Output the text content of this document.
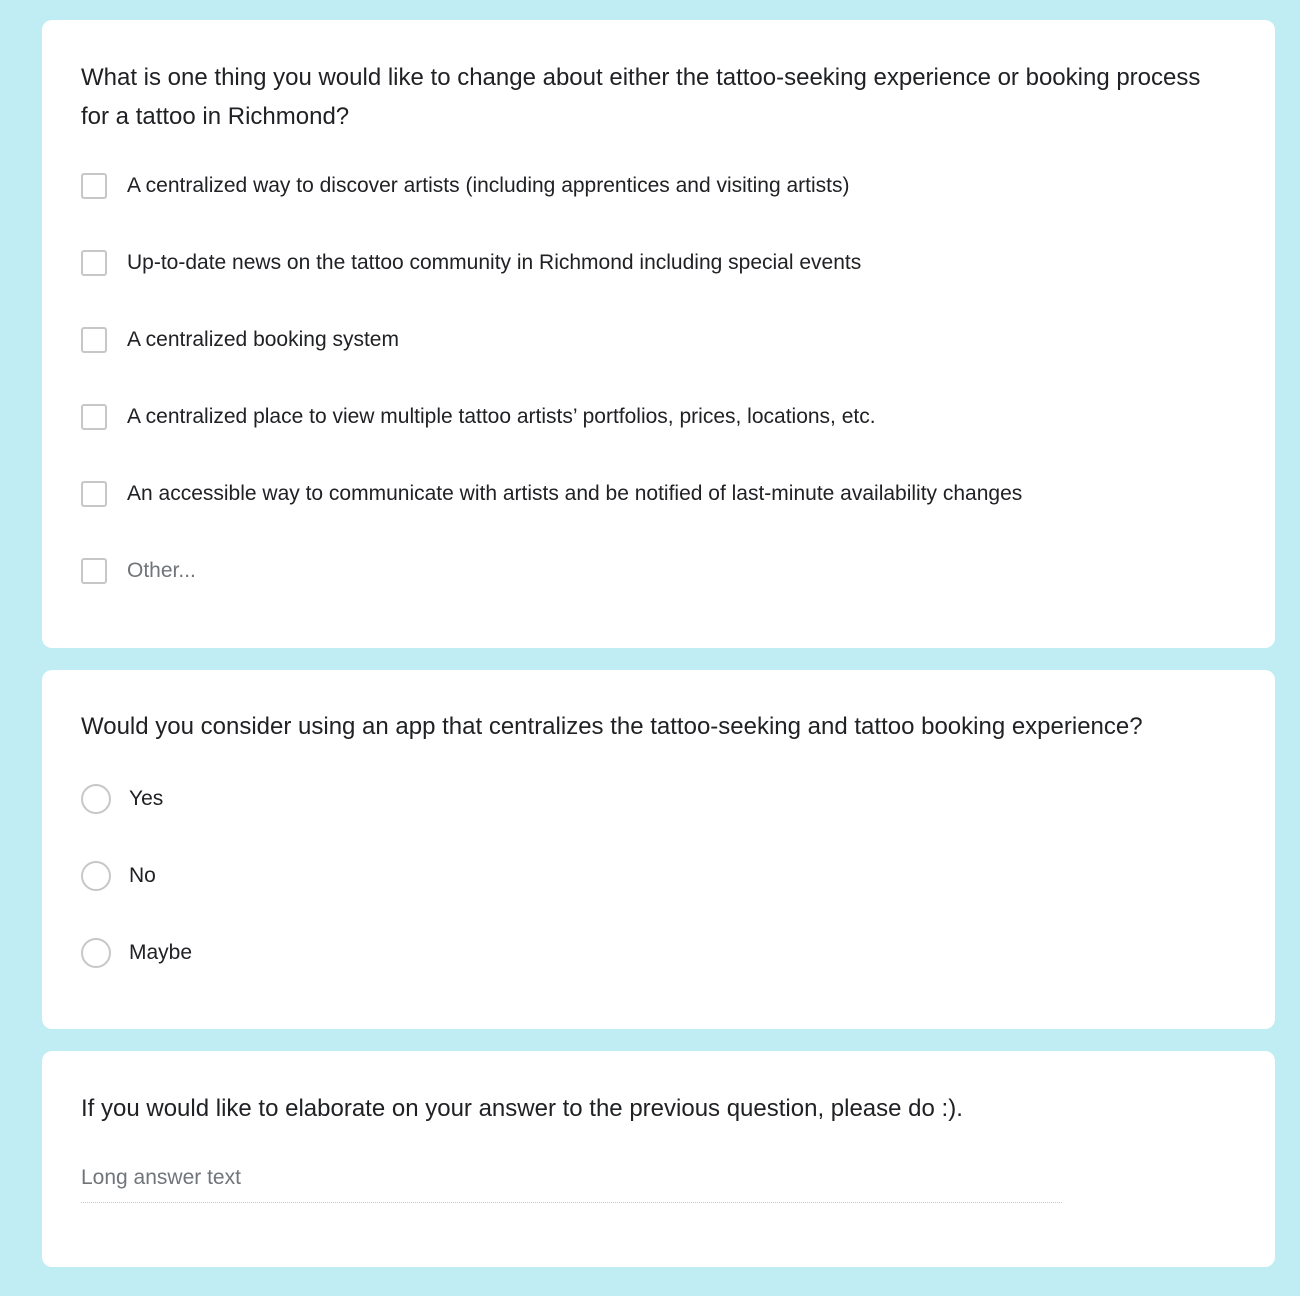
What is one thing you would like to change about either the tattoo-seeking experience or booking process for a tattoo in Richmond?
A centralized way to discover artists (including apprentices and visiting artists)
Up-to-date news on the tattoo community in Richmond including special events
A centralized booking system
A centralized place to view multiple tattoo artists’ portfolios, prices, locations, etc.
An accessible way to communicate with artists and be notified of last-minute availability changes
Other...
Would you consider using an app that centralizes the tattoo-seeking and tattoo booking experience?
Yes
No
Maybe
If you would like to elaborate on your answer to the previous question, please do :).
Long answer text
